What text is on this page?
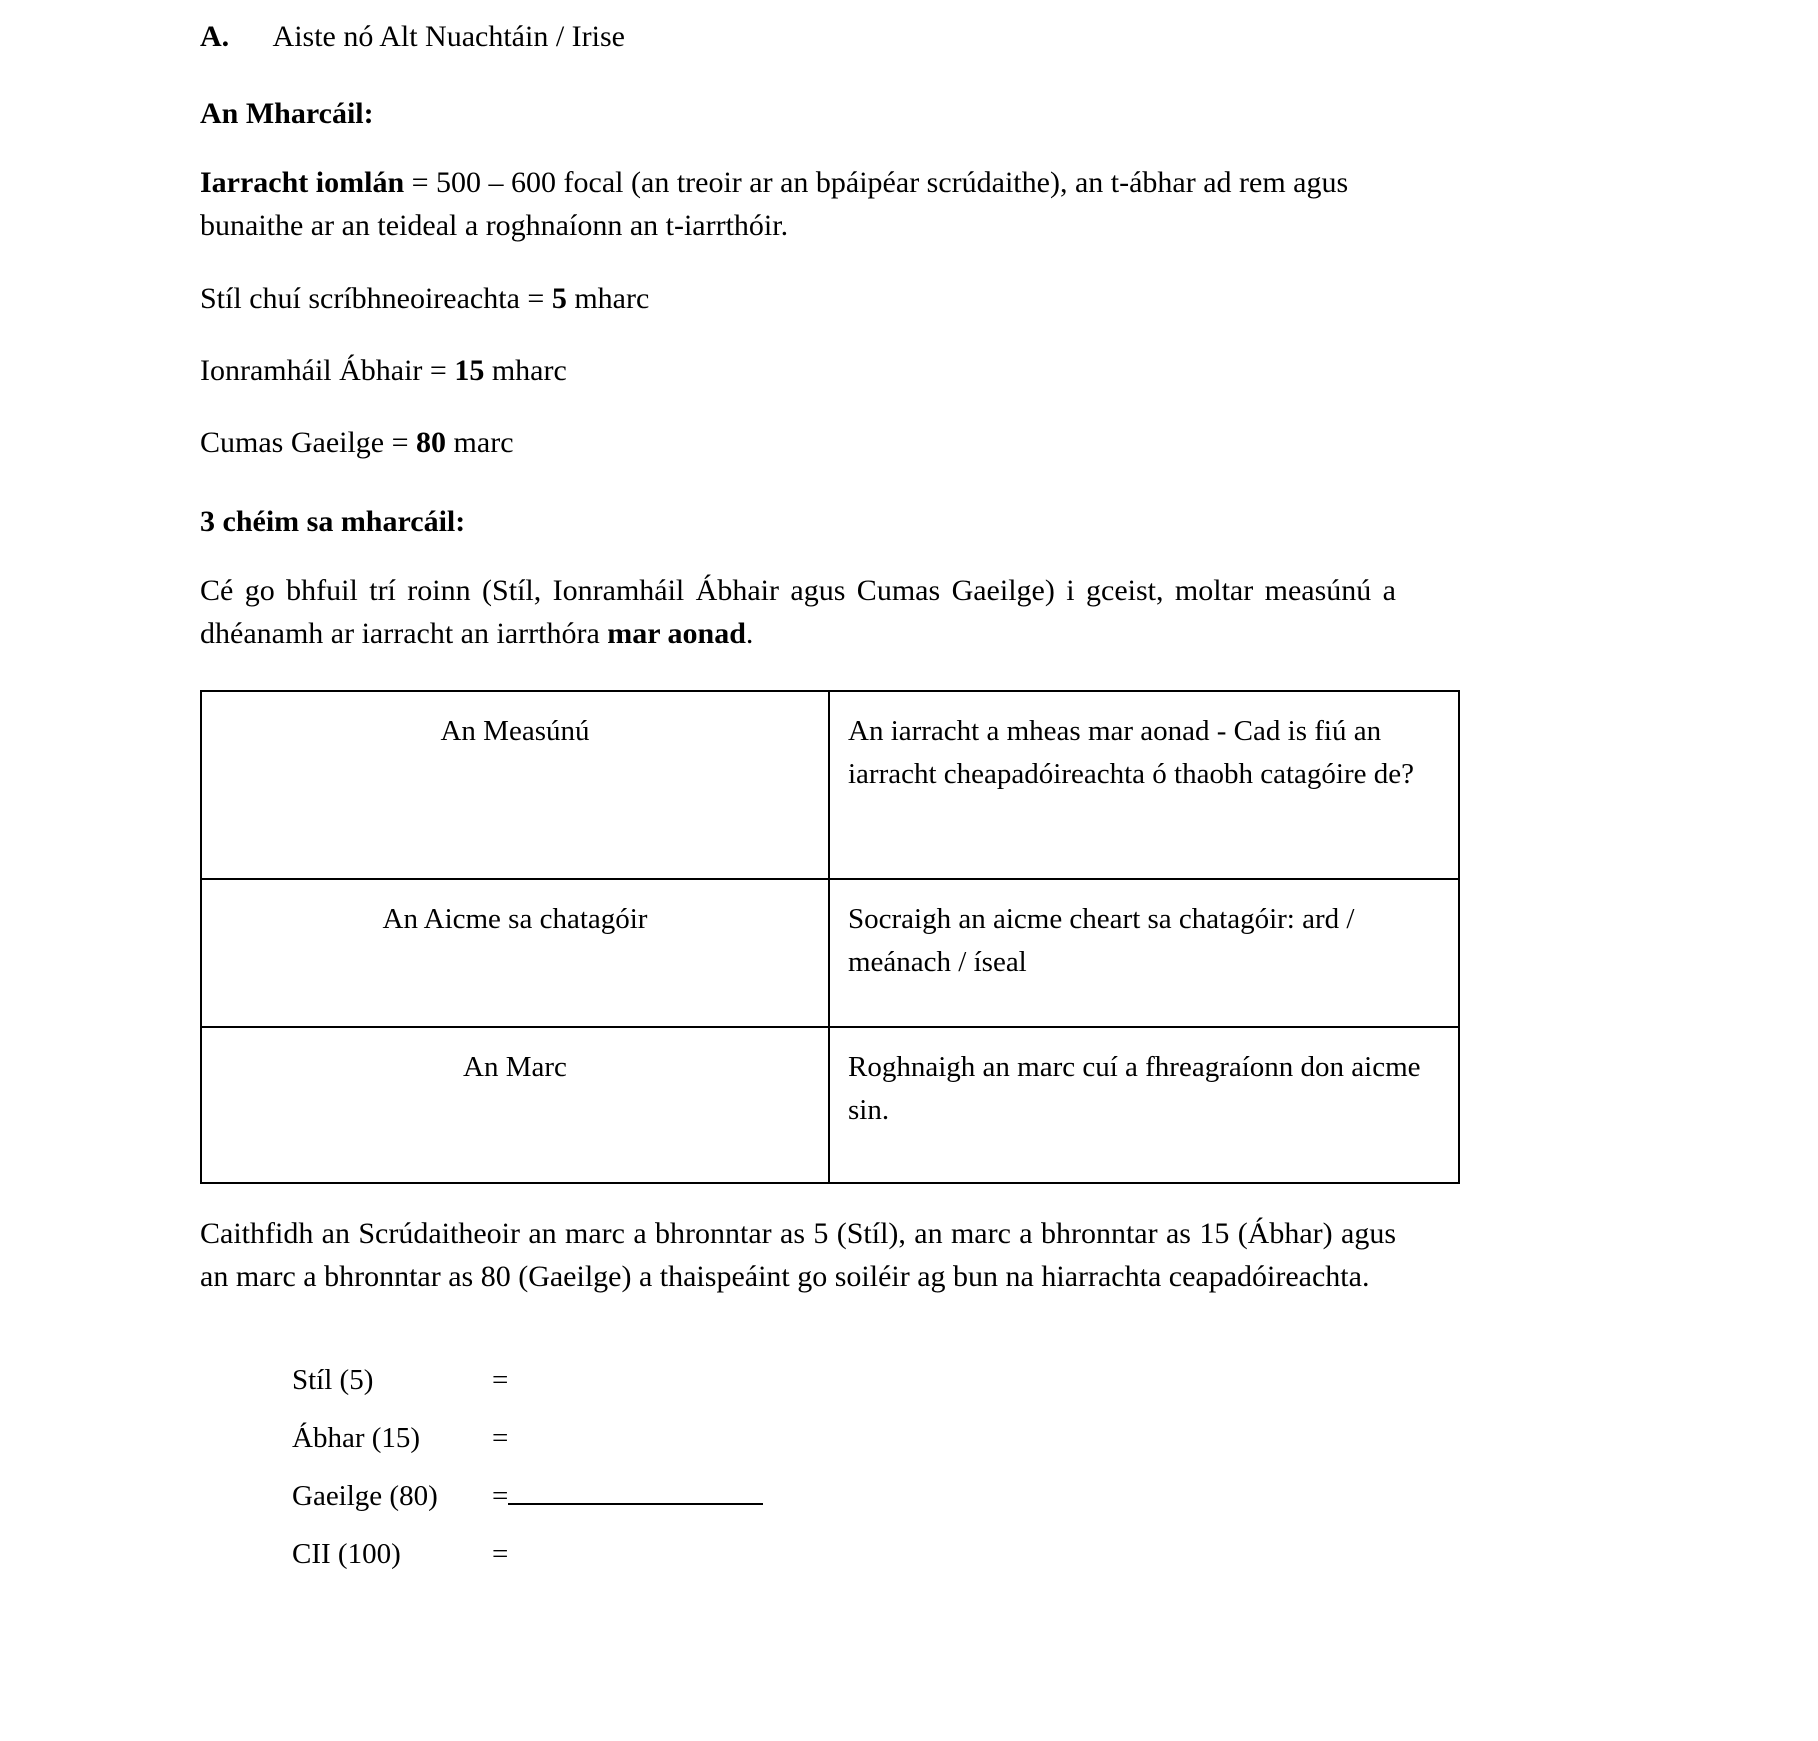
A. Aiste nó Alt Nuachtáin / Irise
An Mharcáil:

Iarracht iomlán = 500 – 600 focal (an treoir ar an bpáipéar scrúdaithe), an t-ábhar ad rem agus bunaithe ar an teideal a roghnaíonn an t-iarrthóir.

Stíl chuí scríbhneoireachta = 5 mharc

Ionramháil Ábhair = 15 mharc

Cumas Gaeilge = 80 marc

3 chéim sa mharcáil:

Cé go bhfuil trí roinn (Stíl, Ionramháil Ábhair agus Cumas Gaeilge) i gceist, moltar measúnú a dhéanamh ar iarracht an iarrthóra mar aonad.

An Measúnú	An iarracht a mheas mar aonad - Cad is fiú an iarracht cheapadóireachta ó thaobh catagóire de?
An Aicme sa chatagóir	Socraigh an aicme cheart sa chatagóir: ard / meánach / íseal
An Marc	Roghnaigh an marc cuí a fhreagraíonn don aicme sin.

Caithfidh an Scrúdaitheoir an marc a bhronntar as 5 (Stíl), an marc a bhronntar as 15 (Ábhar) agus an marc a bhronntar as 80 (Gaeilge) a thaispeáint go soiléir ag bun na hiarrachta ceapadóireachta.

Stíl (5)	=
Ábhar (15)	=
Gaeilge (80)	=
CII (100)	=
